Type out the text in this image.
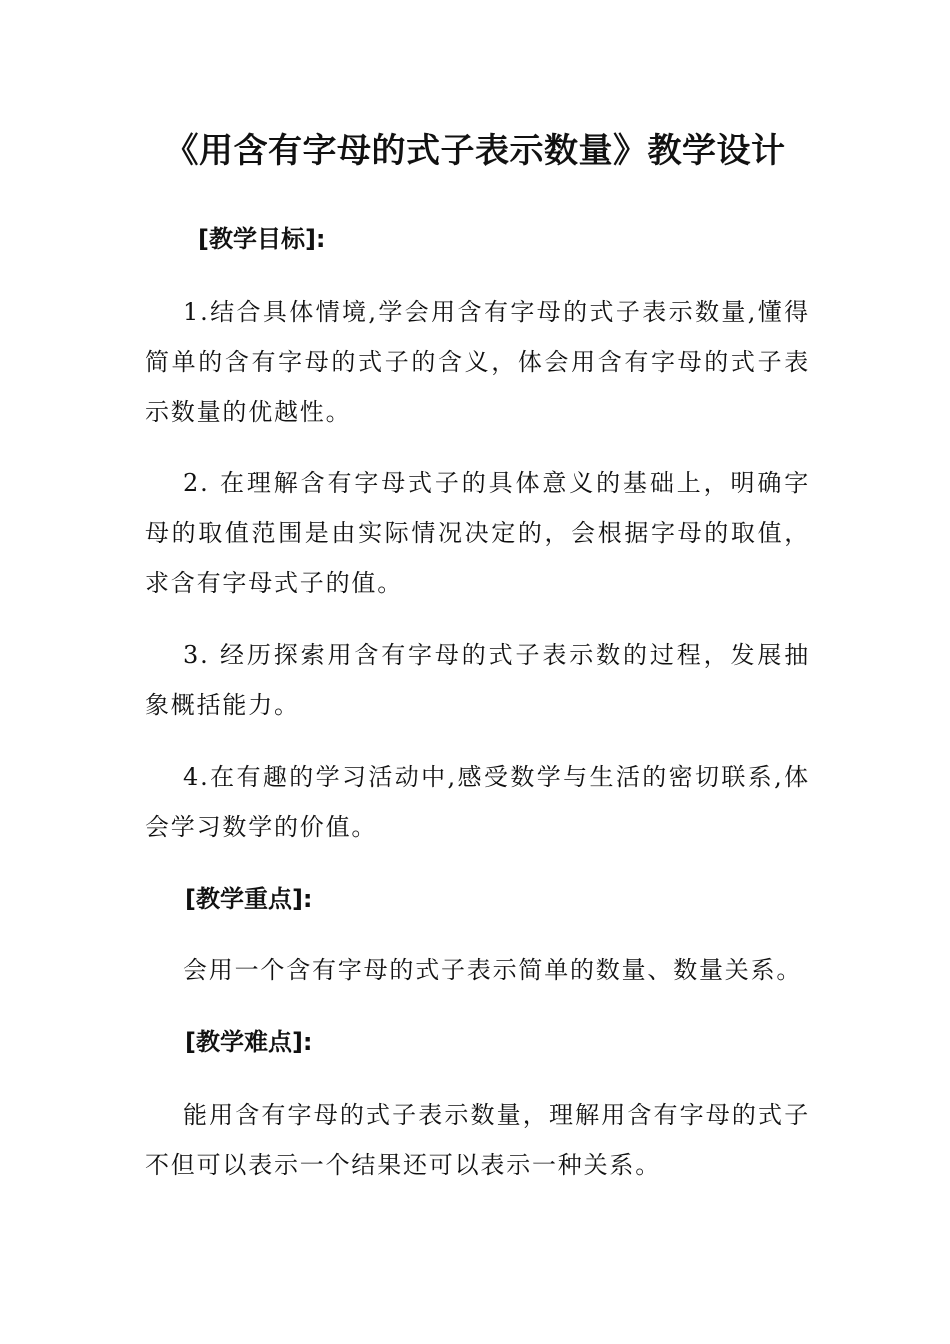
《用含有字母的式子表示数量》教学设计
[教学目标]:
1.结合具体情境,学会用含有字母的式子表示数量,懂得简单的含有字母的式子的含义，体会用含有字母的式子表示数量的优越性。
2. 在理解含有字母式子的具体意义的基础上，明确字母的取值范围是由实际情况决定的，会根据字母的取值，求含有字母式子的值。
3. 经历探索用含有字母的式子表示数的过程，发展抽象概括能力。
4.在有趣的学习活动中,感受数学与生活的密切联系,体会学习数学的价值。
[教学重点]:
会用一个含有字母的式子表示简单的数量、数量关系。
[教学难点]:
能用含有字母的式子表示数量，理解用含有字母的式子不但可以表示一个结果还可以表示一种关系。
